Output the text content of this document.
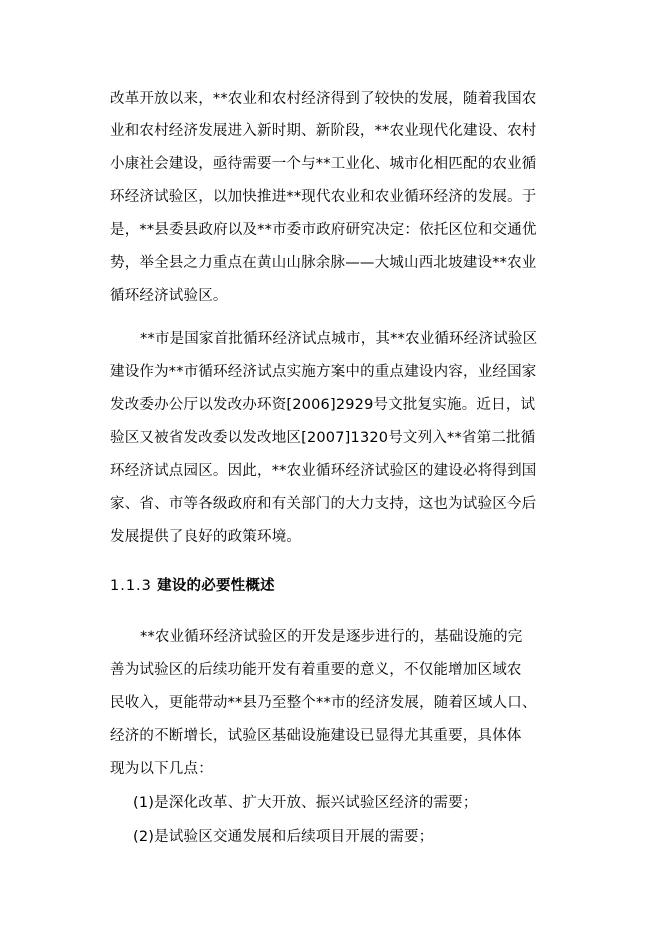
改革开放以来，**农业和农村经济得到了较快的发展，随着我国农
业和农村经济发展进入新时期、新阶段，**农业现代化建设、农村
小康社会建设，亟待需要一个与**工业化、城市化相匹配的农业循
环经济试验区，以加快推进**现代农业和农业循环经济的发展。于
是，**县委县政府以及**市委市政府研究决定：依托区位和交通优
势，举全县之力重点在黄山山脉余脉——大城山西北坡建设**农业
循环经济试验区。
**市是国家首批循环经济试点城市，其**农业循环经济试验区
建设作为**市循环经济试点实施方案中的重点建设内容，业经国家
发改委办公厅以发改办环资[2006]2929号文批复实施。近日，试
验区又被省发改委以发改地区[2007]1320号文列入**省第二批循
环经济试点园区。因此，**农业循环经济试验区的建设必将得到国
家、省、市等各级政府和有关部门的大力支持，这也为试验区今后
发展提供了良好的政策环境。
1.1.3 建设的必要性概述
**农业循环经济试验区的开发是逐步进行的，基础设施的完
善为试验区的后续功能开发有着重要的意义，不仅能增加区域农
民收入，更能带动**县乃至整个**市的经济发展，随着区域人口、
经济的不断增长，试验区基础设施建设已显得尤其重要，具体体
现为以下几点：
(1)是深化改革、扩大开放、振兴试验区经济的需要；
(2)是试验区交通发展和后续项目开展的需要；
